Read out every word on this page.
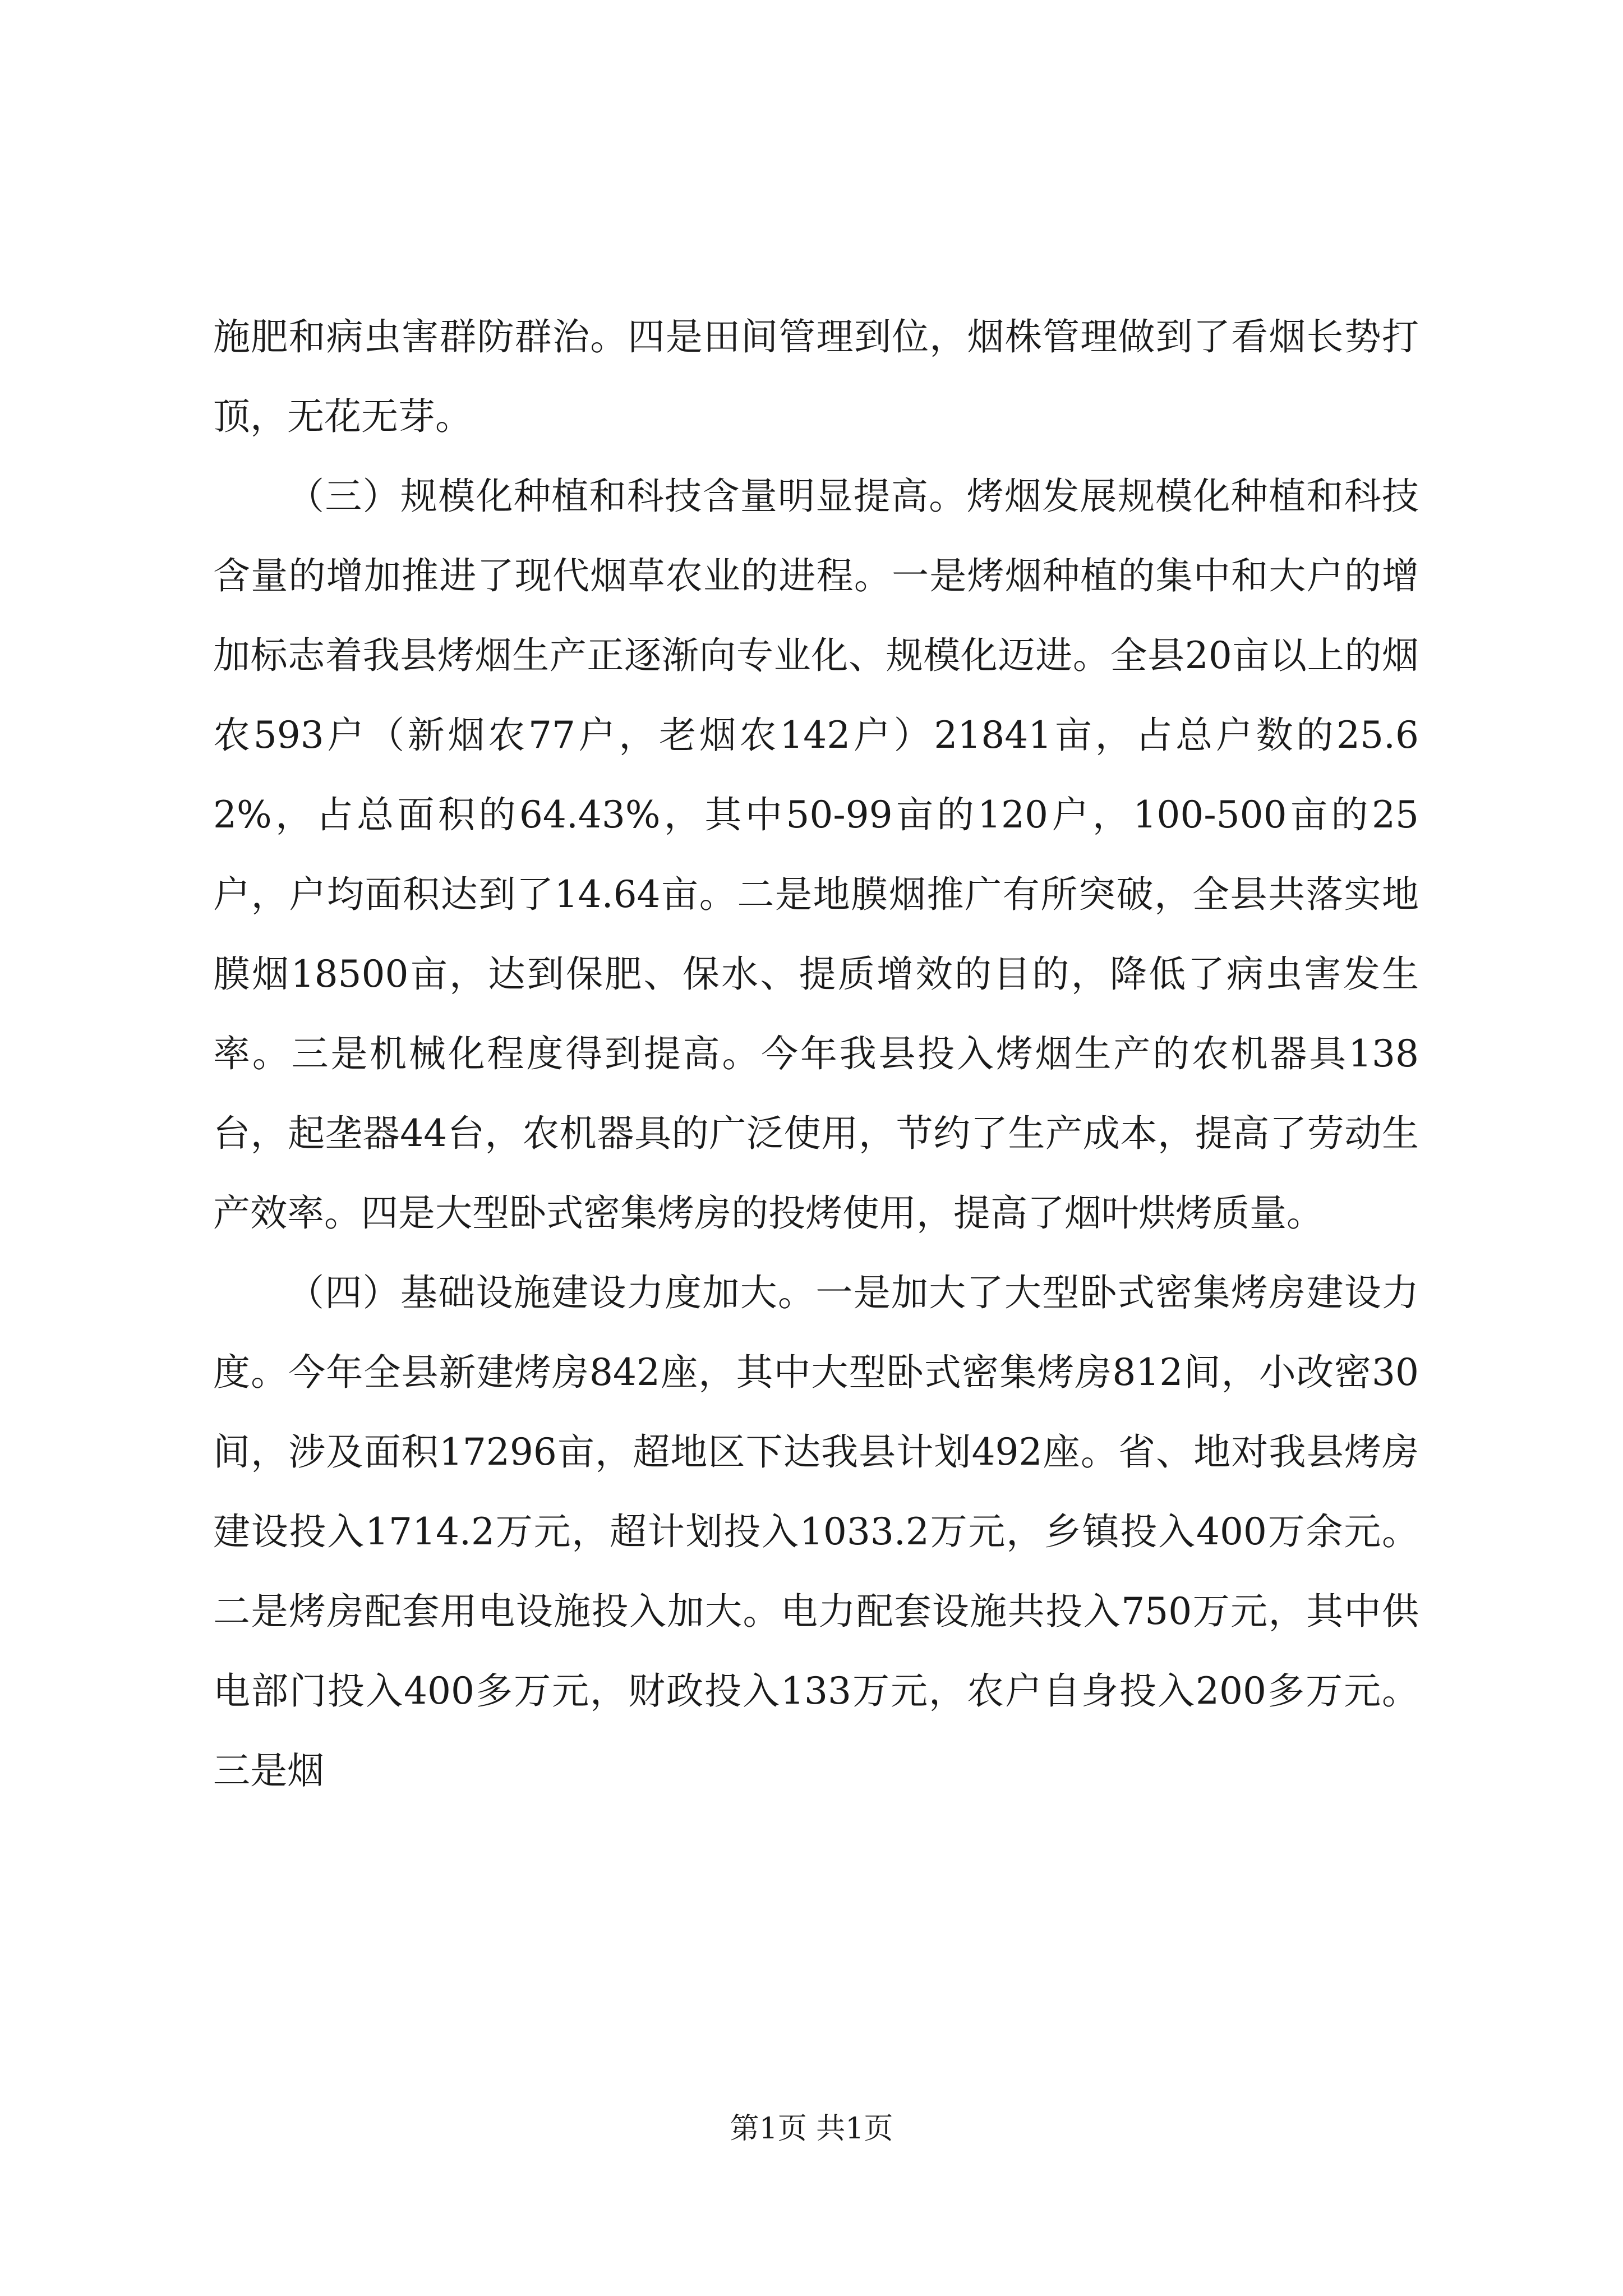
施肥和病虫害群防群治。四是田间管理到位，烟株管理做到了看烟长势打顶，无花无芽。

（三）规模化种植和科技含量明显提高。烤烟发展规模化种植和科技含量的增加推进了现代烟草农业的进程。一是烤烟种植的集中和大户的增加标志着我县烤烟生产正逐渐向专业化、规模化迈进。全县20亩以上的烟农593户（新烟农77户，老烟农142户）21841亩，占总户数的25.62%，占总面积的64.43%，其中50-99亩的120户，100-500亩的25户，户均面积达到了14.64亩。二是地膜烟推广有所突破，全县共落实地膜烟18500亩，达到保肥、保水、提质增效的目的，降低了病虫害发生率。三是机械化程度得到提高。今年我县投入烤烟生产的农机器具138台，起垄器44台，农机器具的广泛使用，节约了生产成本，提高了劳动生产效率。四是大型卧式密集烤房的投烤使用，提高了烟叶烘烤质量。

（四）基础设施建设力度加大。一是加大了大型卧式密集烤房建设力度。今年全县新建烤房842座，其中大型卧式密集烤房812间，小改密30间，涉及面积17296亩，超地区下达我县计划492座。省、地对我县烤房建设投入1714.2万元，超计划投入1033.2万元，乡镇投入400万余元。二是烤房配套用电设施投入加大。电力配套设施共投入750万元，其中供电部门投入400多万元，财政投入133万元，农户自身投入200多万元。三是烟

第1页 共1页
